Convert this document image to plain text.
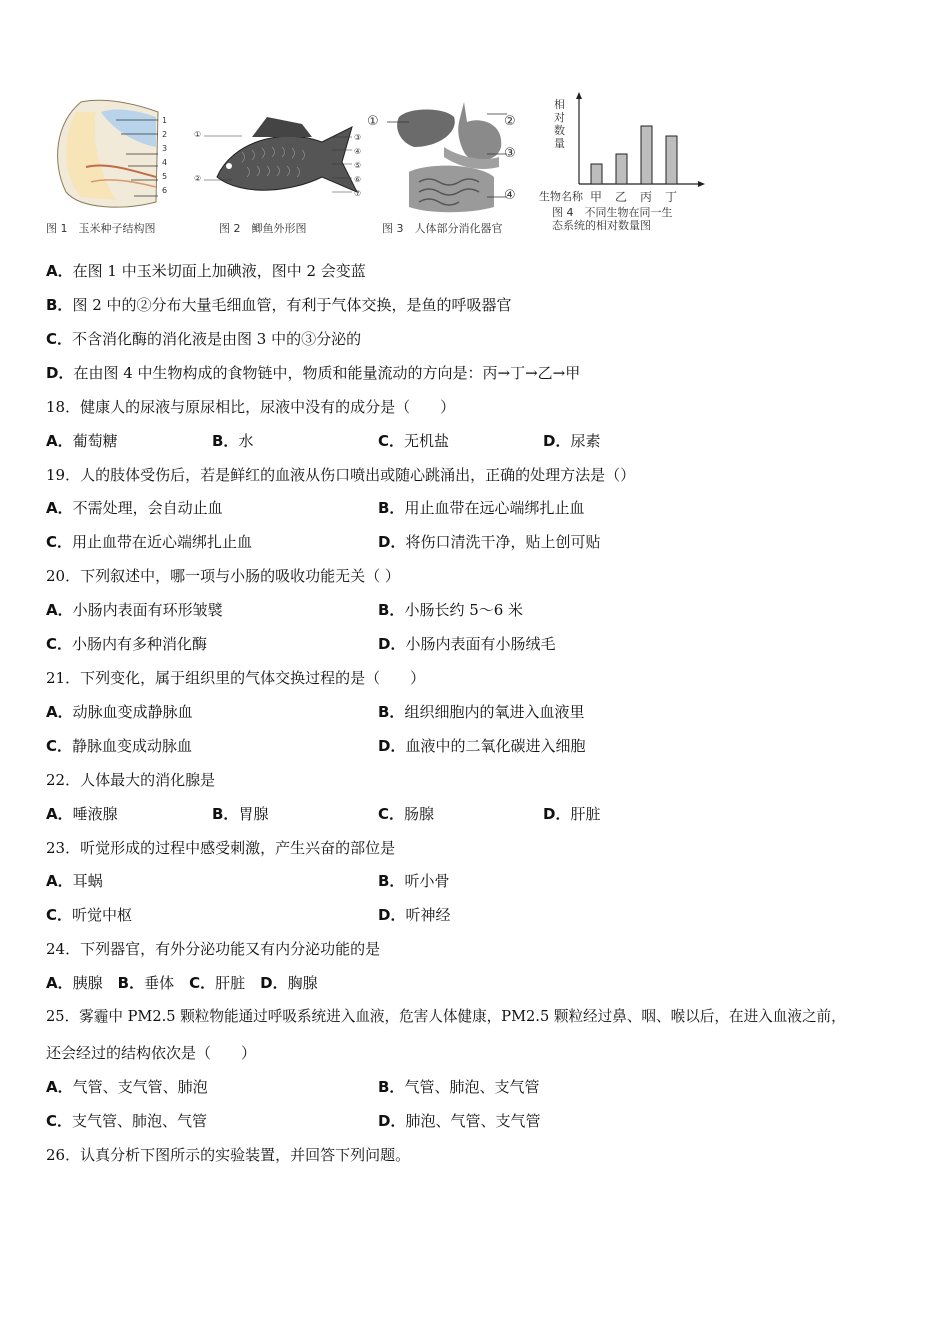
1
2
3
4
5
6
图 1　玉米种子结构图
①
②
③
④
⑤
⑥
⑦
图 2　鲫鱼外形图
①	②
③
④
图 3　人体部分消化器官
相
对
数
量
生物名称 甲 乙 丙 丁
图 4　不同生物在同一生
态系统的相对数量图
A．在图 1 中玉米切面上加碘液，图中 2 会变蓝
B．图 2 中的②分布大量毛细血管，有利于气体交换，是鱼的呼吸器官
C．不含消化酶的消化液是由图 3 中的③分泌的
D．在由图 4 中生物构成的食物链中，物质和能量流动的方向是：丙→丁→乙→甲
18．健康人的尿液与原尿相比，尿液中没有的成分是（　　）
A．葡萄糖	B．水	C．无机盐	D．尿素
19．人的肢体受伤后，若是鲜红的血液从伤口喷出或随心跳涌出，正确的处理方法是（）
A．不需处理，会自动止血	B．用止血带在远心端绑扎止血
C．用止血带在近心端绑扎止血	D．将伤口清洗干净，贴上创可贴
20．下列叙述中，哪一项与小肠的吸收功能无关（ ）
A．小肠内表面有环形皱襞	B．小肠长约 5～6 米
C．小肠内有多种消化酶	D．小肠内表面有小肠绒毛
21．下列变化，属于组织里的气体交换过程的是（　　）
A．动脉血变成静脉血	B．组织细胞内的氧进入血液里
C．静脉血变成动脉血	D．血液中的二氧化碳进入细胞
22．人体最大的消化腺是
A．唾液腺	B．胃腺	C．肠腺	D．肝脏
23．听觉形成的过程中感受刺激，产生兴奋的部位是
A．耳蜗	B．听小骨
C．听觉中枢	D．听神经
24．下列器官，有外分泌功能又有内分泌功能的是
A．胰腺　 B．垂体　 C．肝脏　 D．胸腺
25．雾霾中 PM2.5 颗粒物能通过呼吸系统进入血液，危害人体健康，PM2.5 颗粒经过鼻、咽、喉以后，在进入血液之前，
还会经过的结构依次是（　　）
A．气管、支气管、肺泡	B．气管、肺泡、支气管
C．支气管、肺泡、气管	D．肺泡、气管、支气管
26．认真分析下图所示的实验装置，并回答下列问题。
